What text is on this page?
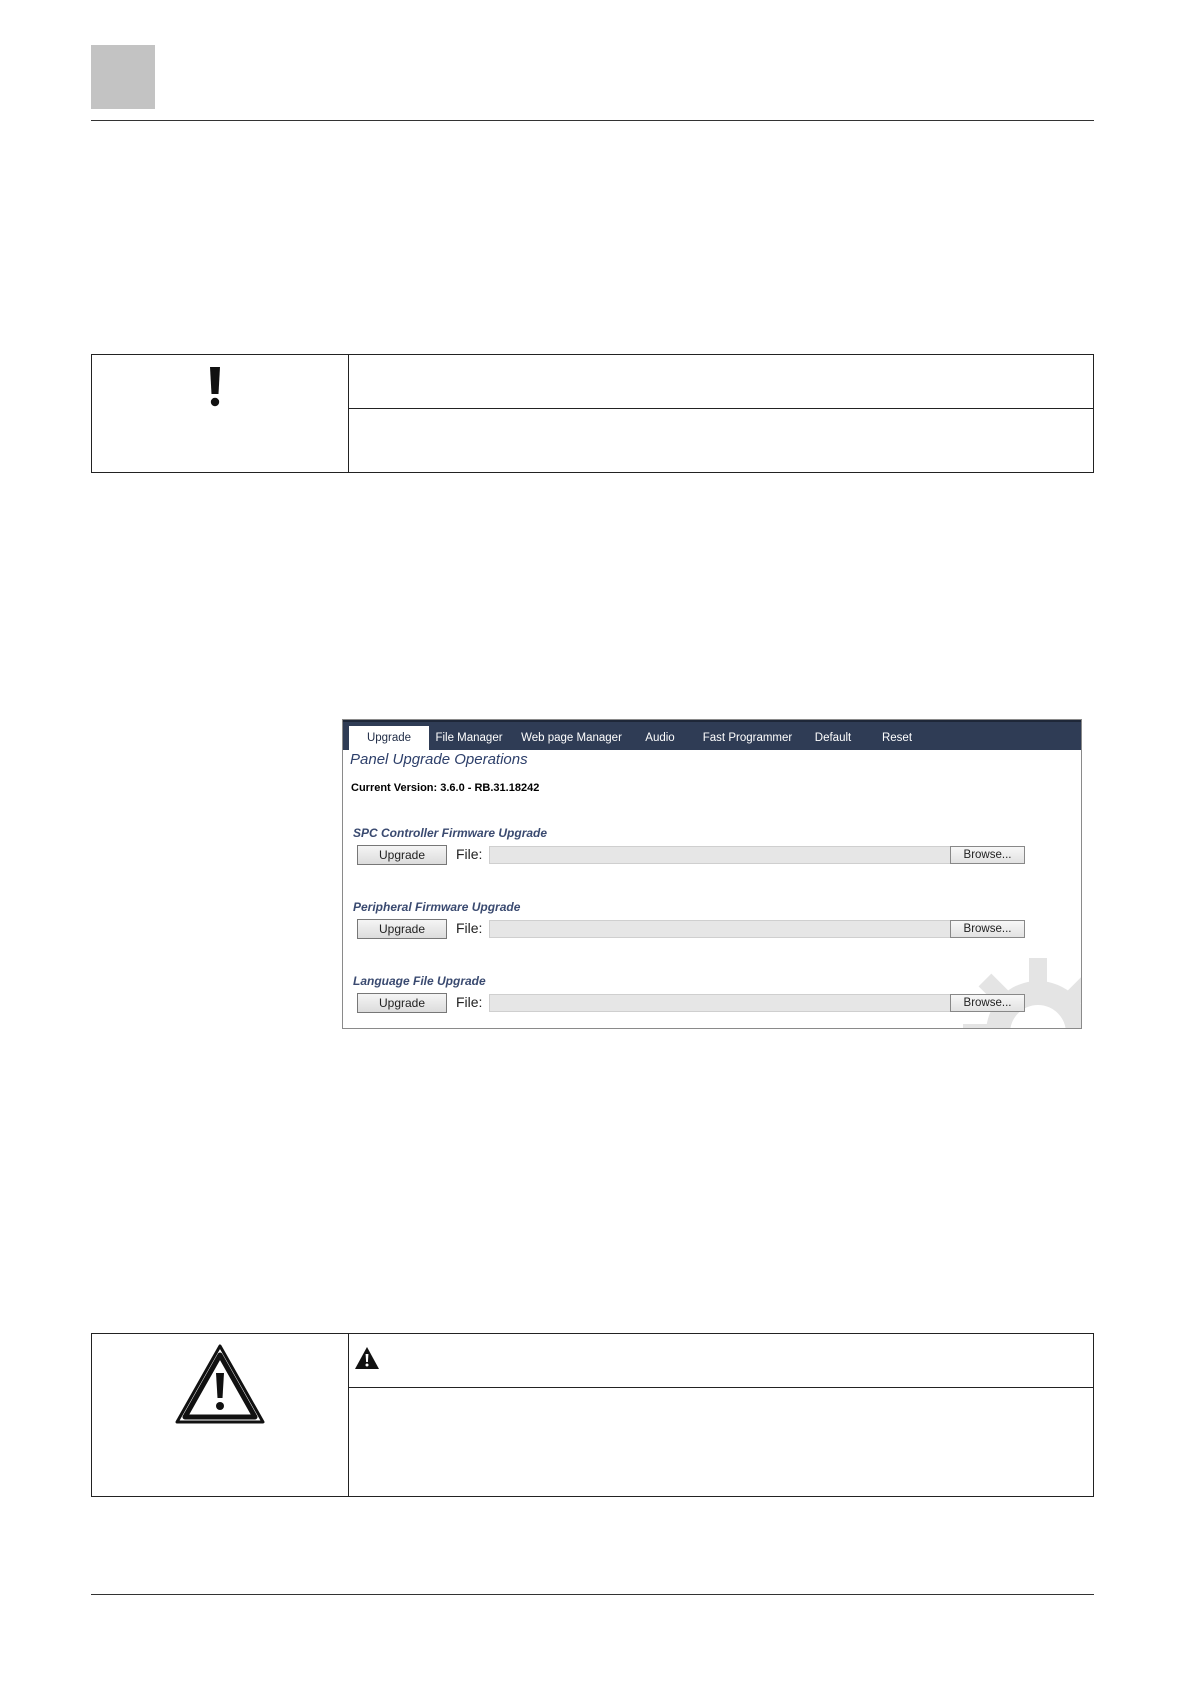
Upgrade	File Manager Web page Manager	Audio	Fast Programmer	Default	Reset
Panel Upgrade Operations
Current Version: 3.6.0 - RB.31.18242
SPC Controller Firmware Upgrade
Upgrade	File:	Browse...
Peripheral Firmware Upgrade
Upgrade	File:	Browse...
Language File Upgrade
Upgrade	File:	Browse...
